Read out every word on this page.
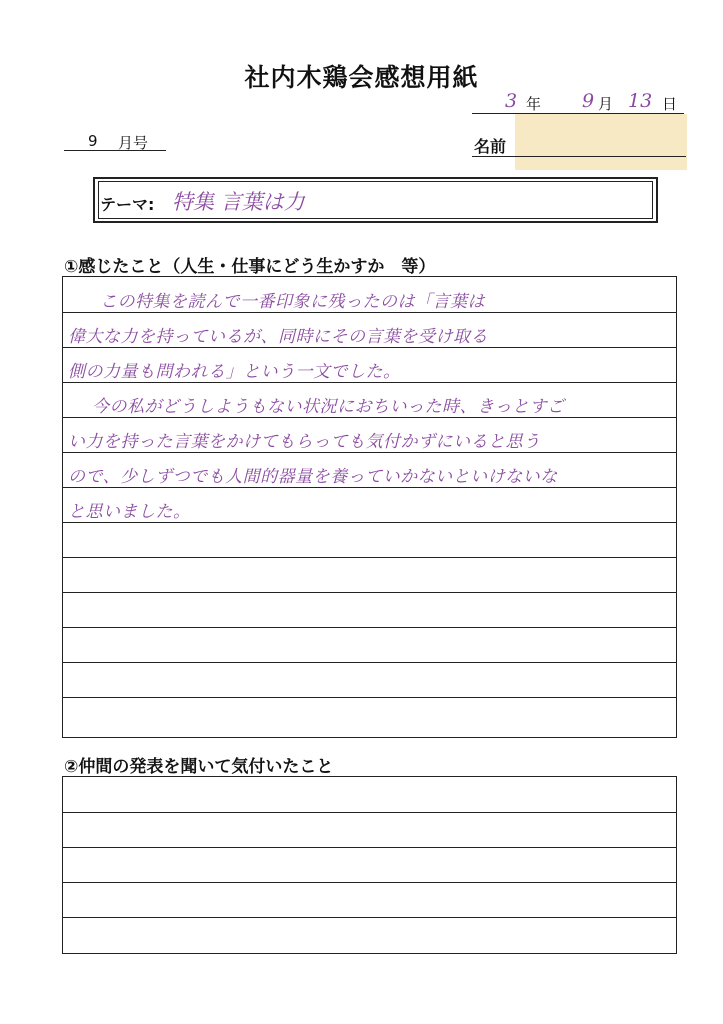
社内木鶏会感想用紙
3 年 9 月 13 日
9 月号	名前
テーマ: 特集 言葉は力
①感じたこと（人生・仕事にどう生かすか　等）
この特集を読んで一番印象に残ったのは「言葉は
偉大な力を持っているが、同時にその言葉を受け取る
側の力量も問われる」という一文でした。
今の私がどうしようもない状況におちいった時、きっとすご
い力を持った言葉をかけてもらっても気付かずにいると思う
ので、少しずつでも人間的器量を養っていかないといけないな
と思いました。
②仲間の発表を聞いて気付いたこと
